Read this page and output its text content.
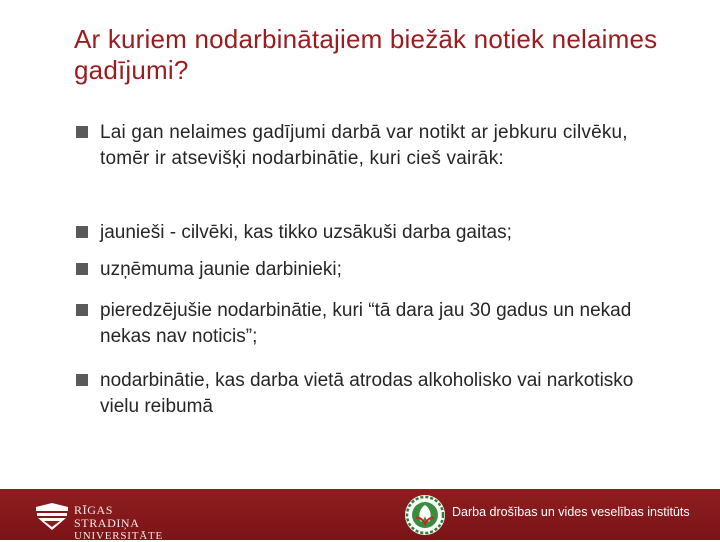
Ar kuriem nodarbinātajiem biežāk notiek nelaimes gadījumi?
Lai gan nelaimes gadījumi darbā var notikt ar jebkuru cilvēku, tomēr ir atsevišķi nodarbinātie, kuri cieš vairāk:
jaunieši - cilvēki, kas tikko uzsākuši darba gaitas;
uzņēmuma jaunie darbinieki;
pieredzējušie nodarbinātie, kuri “tā dara jau 30 gadus un nekad nekas nav noticis”;
nodarbinātie, kas darba vietā atrodas alkoholisko vai narkotisko vielu reibumā
RĪGAS STRADIŅA
UNIVERSITĀTE
Darba drošības un vides veselības institūts
